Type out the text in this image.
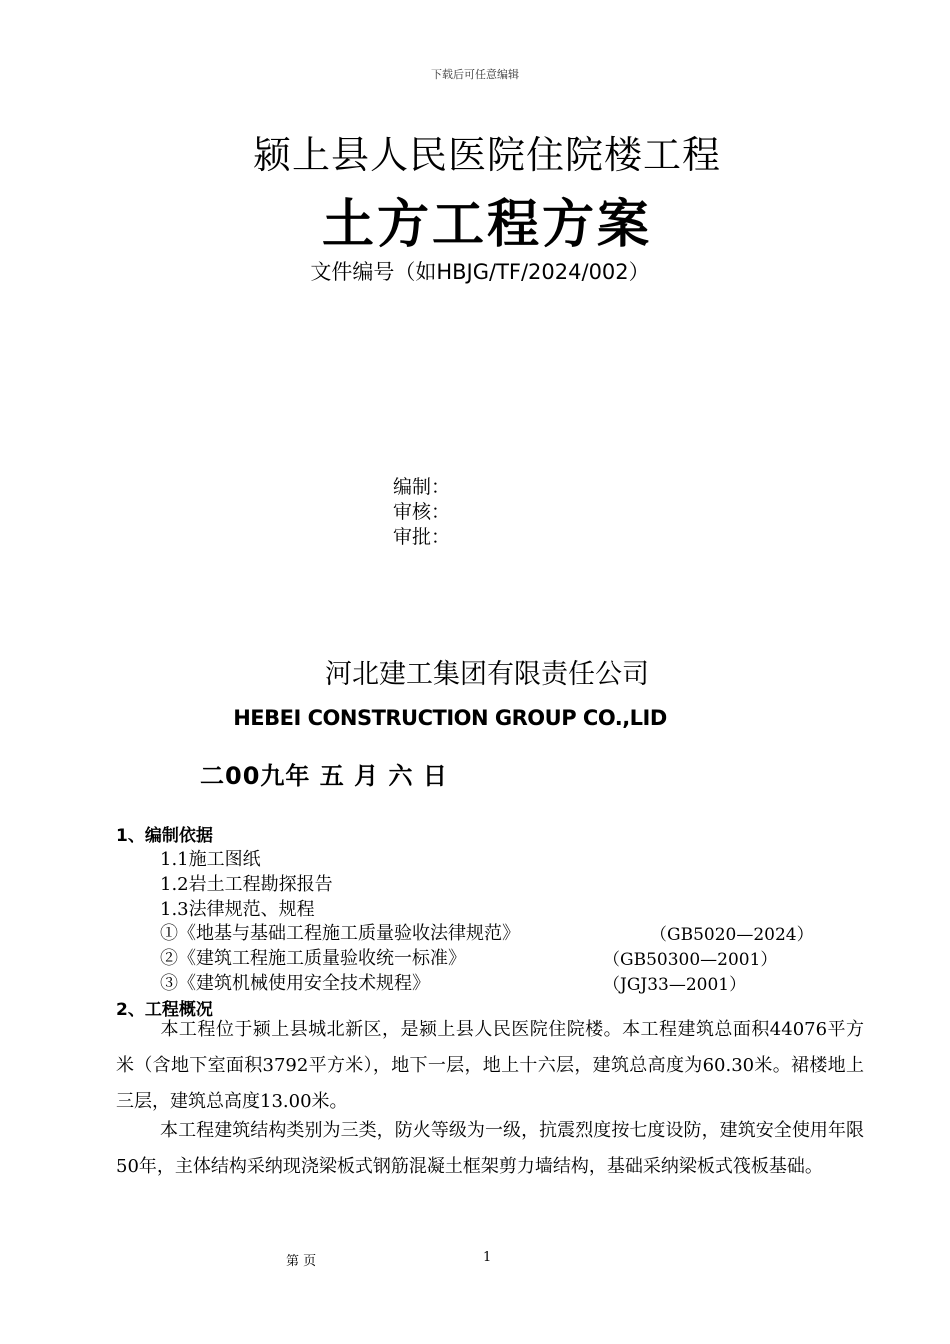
下载后可任意编辑
颍上县人民医院住院楼工程
土方工程方案
文件编号（如HBJG/TF/2024/002）
编制：
审核：
审批：
河北建工集团有限责任公司
HEBEI CONSTRUCTION GROUP CO.,LID
二00九年 五 月 六 日
1、编制依据
1.1施工图纸
1.2岩土工程勘探报告
1.3法律规范、规程
①《地基与基础工程施工质量验收法律规范》	（GB5020—2024）
②《建筑工程施工质量验收统一标准》	（GB50300—2001）
③《建筑机械使用安全技术规程》	（JGJ33—2001）
2、工程概况
本工程位于颍上县城北新区，是颍上县人民医院住院楼。本工程建筑总面积44076平方米（含地下室面积3792平方米），地下一层，地上十六层，建筑总高度为60.30米。裙楼地上三层，建筑总高度13.00米。
本工程建筑结构类别为三类，防火等级为一级，抗震烈度按七度设防，建筑安全使用年限50年，主体结构采纳现浇梁板式钢筋混凝土框架剪力墙结构，基础采纳梁板式筏板基础。
第 页	1
